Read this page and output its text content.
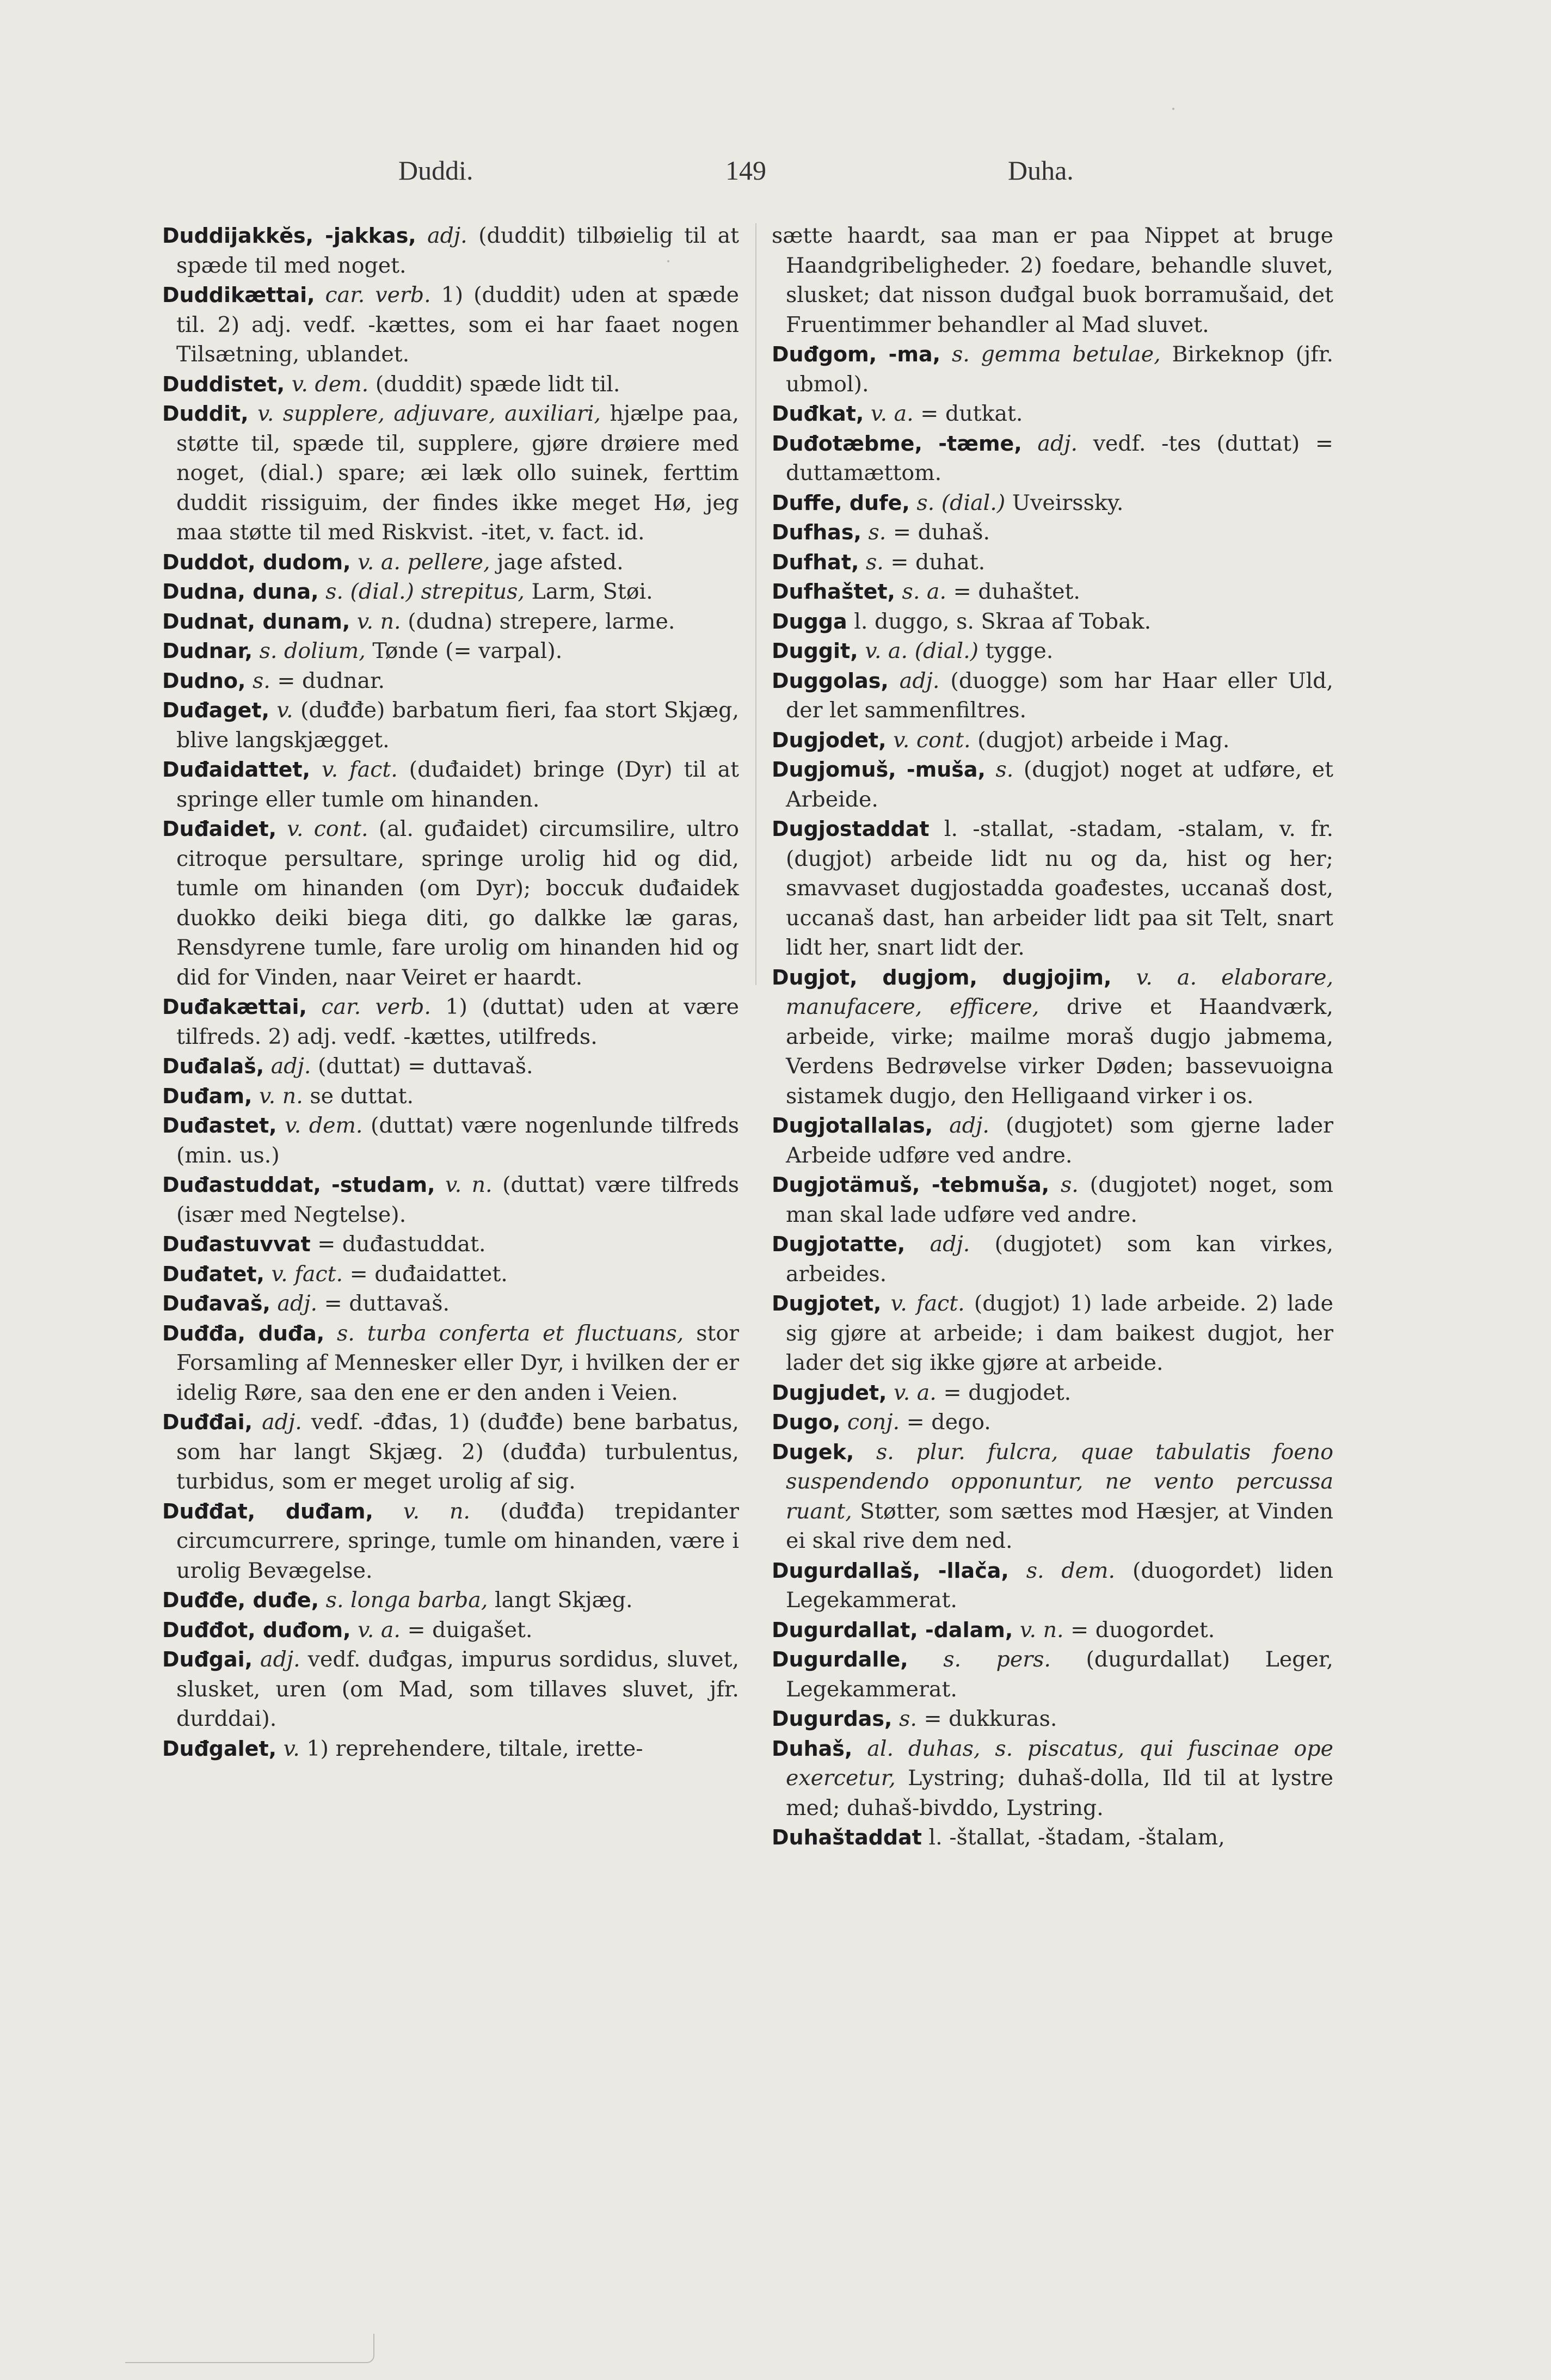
Duddi.	149	Duha.

Duddijakkĕs, -jakkas, adj. (duddit) tilbøielig til at spæde til med noget.

Duddikættai, car. verb. 1) (duddit) uden at spæde til. 2) adj. vedf. -kættes, som ei har faaet nogen Tilsætning, ublandet.

Duddistet, v. dem. (duddit) spæde lidt til.

Duddit, v. supplere, adjuvare, auxiliari, hjælpe paa, støtte til, spæde til, supplere, gjøre drøiere med noget, (dial.) spare; æi læk ollo suinek, ferttim duddit rissiguim, der findes ikke meget Hø, jeg maa støtte til med Riskvist. -itet, v. fact. id.

Duddot, dudom, v. a. pellere, jage afsted.

Dudna, duna, s. (dial.) strepitus, Larm, Støi.

Dudnat, dunam, v. n. (dudna) strepere, larme.

Dudnar, s. dolium, Tønde (= varpal).

Dudno, s. = dudnar.

Duđaget, v. (duđđe) barbatum fieri, faa stort Skjæg, blive langskjægget.

Duđaidattet, v. fact. (duđaidet) bringe (Dyr) til at springe eller tumle om hinanden.

Duđaidet, v. cont. (al. guđaidet) circumsilire, ultro citroque persultare, springe urolig hid og did, tumle om hinanden (om Dyr); boccuk duđaidek duokko deiki biega diti, go dalkke læ garas, Rensdyrene tumle, fare urolig om hinanden hid og did for Vinden, naar Veiret er haardt.

Duđakættai, car. verb. 1) (duttat) uden at være tilfreds. 2) adj. vedf. -kættes, utilfreds.

Duđalaš, adj. (duttat) = duttavaš.

Duđam, v. n. se duttat.

Duđastet, v. dem. (duttat) være nogenlunde tilfreds (min. us.)

Duđastuddat, -studam, v. n. (duttat) være tilfreds (især med Negtelse).

Duđastuvvat = duđastuddat.

Duđatet, v. fact. = duđaidattet.

Duđavaš, adj. = duttavaš.

Duđđa, duđa, s. turba conferta et fluctuans, stor Forsamling af Mennesker eller Dyr, i hvilken der er idelig Røre, saa den ene er den anden i Veien.

Duđđai, adj. vedf. -đđas, 1) (duđđe) bene barbatus, som har langt Skjæg. 2) (duđđa) turbulentus, turbidus, som er meget urolig af sig.

Duđđat, duđam, v. n. (duđđa) trepidanter circumcurrere, springe, tumle om hinanden, være i urolig Bevægelse.

Duđđe, duđe, s. longa barba, langt Skjæg.

Duđđot, duđom, v. a. = duigašet.

Duđgai, adj. vedf. duđgas, impurus sordidus, sluvet, slusket, uren (om Mad, som tillaves sluvet, jfr. durddai).

Duđgalet, v. 1) reprehendere, tiltale, irette-

sætte haardt, saa man er paa Nippet at bruge Haandgribeligheder. 2) foedare, behandle sluvet, slusket; dat nisson duđgal buok borramušaid, det Fruentimmer behandler al Mad sluvet.

Duđgom, -ma, s. gemma betulae, Birkeknop (jfr. ubmol).

Duđkat, v. a. = dutkat.

Duđotæbme, -tæme, adj. vedf. -tes (duttat) = duttamættom.

Duffe, dufe, s. (dial.) Uveirssky.

Dufhas, s. = duhaš.

Dufhat, s. = duhat.

Dufhaštet, s. a. = duhaštet.

Dugga l. duggo, s. Skraa af Tobak.

Duggit, v. a. (dial.) tygge.

Duggolas, adj. (duogge) som har Haar eller Uld, der let sammenfiltres.

Dugjodet, v. cont. (dugjot) arbeide i Mag.

Dugjomuš, -muša, s. (dugjot) noget at udføre, et Arbeide.

Dugjostaddat l. -stallat, -stadam, -stalam, v. fr. (dugjot) arbeide lidt nu og da, hist og her; smavvaset dugjostadda goađestes, uccanaš dost, uccanaš dast, han arbeider lidt paa sit Telt, snart lidt her, snart lidt der.

Dugjot, dugjom, dugjojim, v. a. elaborare, manufacere, efficere, drive et Haandværk, arbeide, virke; mailme moraš dugjo jabmema, Verdens Bedrøvelse virker Døden; bassevuoigna sistamek dugjo, den Helligaand virker i os.

Dugjotallalas, adj. (dugjotet) som gjerne lader Arbeide udføre ved andre.

Dugjotämuš, -tebmuša, s. (dugjotet) noget, som man skal lade udføre ved andre.

Dugjotatte, adj. (dugjotet) som kan virkes, arbeides.

Dugjotet, v. fact. (dugjot) 1) lade arbeide. 2) lade sig gjøre at arbeide; i dam baikest dugjot, her lader det sig ikke gjøre at arbeide.

Dugjudet, v. a. = dugjodet.

Dugo, conj. = dego.

Dugek, s. plur. fulcra, quae tabulatis foeno suspendendo opponuntur, ne vento percussa ruant, Støtter, som sættes mod Hæsjer, at Vinden ei skal rive dem ned.

Dugurdallaš, -llača, s. dem. (duogordet) liden Legekammerat.

Dugurdallat, -dalam, v. n. = duogordet.

Dugurdalle, s. pers. (dugurdallat) Leger, Legekammerat.

Dugurdas, s. = dukkuras.

Duhaš, al. duhas, s. piscatus, qui fuscinae ope exercetur, Lystring; duhaš-dolla, Ild til at lystre med; duhaš-bivddo, Lystring.

Duhaštaddat l. -štallat, -štadam, -štalam,
